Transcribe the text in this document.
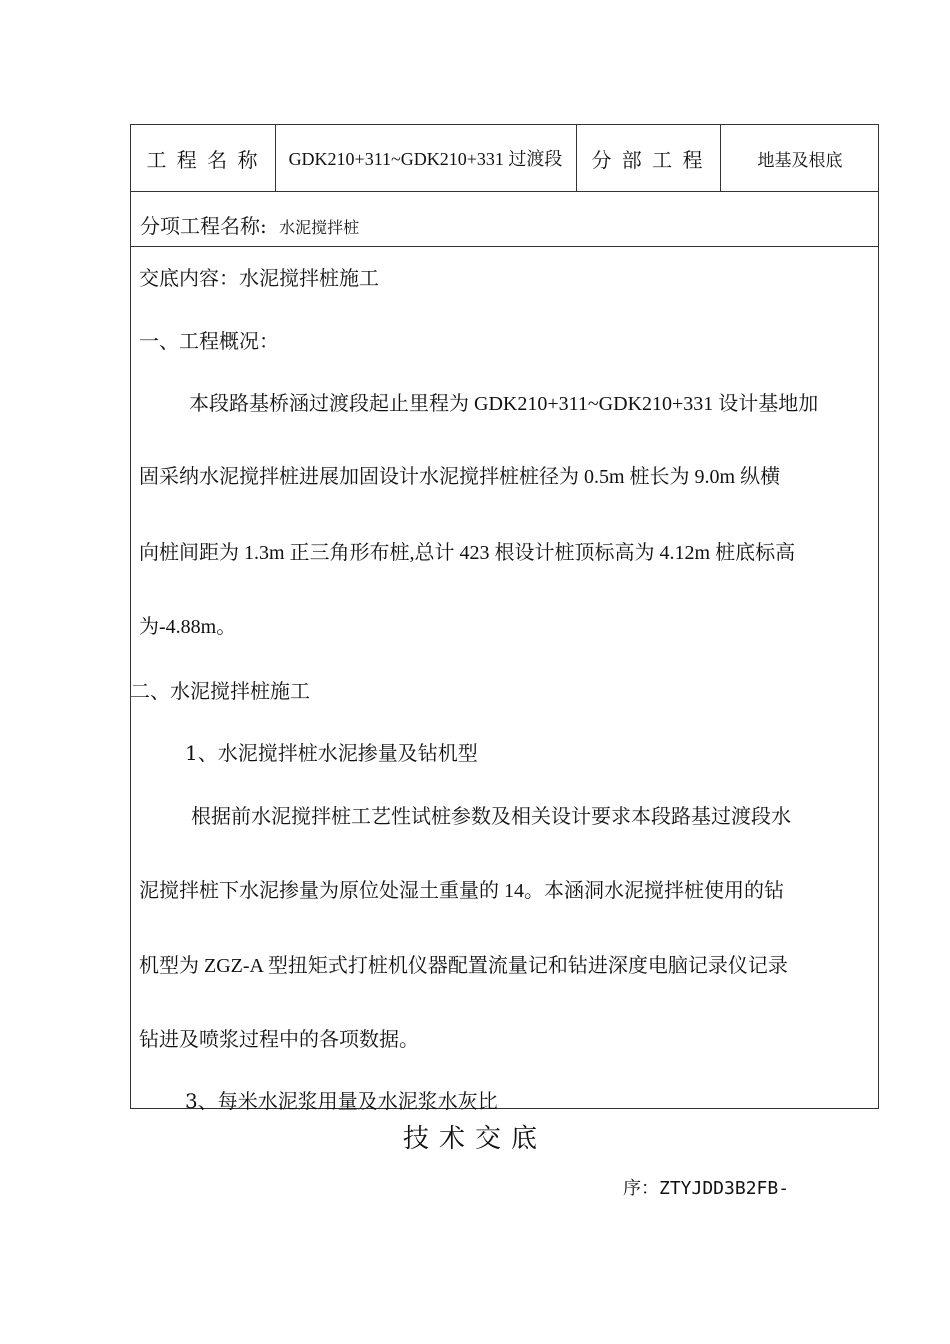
工 程 名 称	GDK210+311~GDK210+331 过渡段	分 部 工 程	地基及根底
分项工程名称: 水泥搅拌桩
交底内容：水泥搅拌桩施工
一、工程概况：
本段路基桥涵过渡段起止里程为 GDK210+311~GDK210+331 设计基地加
固采纳水泥搅拌桩进展加固设计水泥搅拌桩桩径为 0.5m 桩长为 9.0m 纵横
向桩间距为 1.3m 正三角形布桩,总计 423 根设计桩顶标高为 4.12m 桩底标高
为-4.88m。
二、水泥搅拌桩施工
1、水泥搅拌桩水泥掺量及钻机型
根据前水泥搅拌桩工艺性试桩参数及相关设计要求本段路基过渡段水
泥搅拌桩下水泥掺量为原位处湿土重量的 14。本涵洞水泥搅拌桩使用的钻
机型为 ZGZ-A 型扭矩式打桩机仪器配置流量记和钻进深度电脑记录仪记录
钻进及喷浆过程中的各项数据。
3、每米水泥浆用量及水泥浆水灰比
技术交底
序：ZTYJDD3B2FB-
